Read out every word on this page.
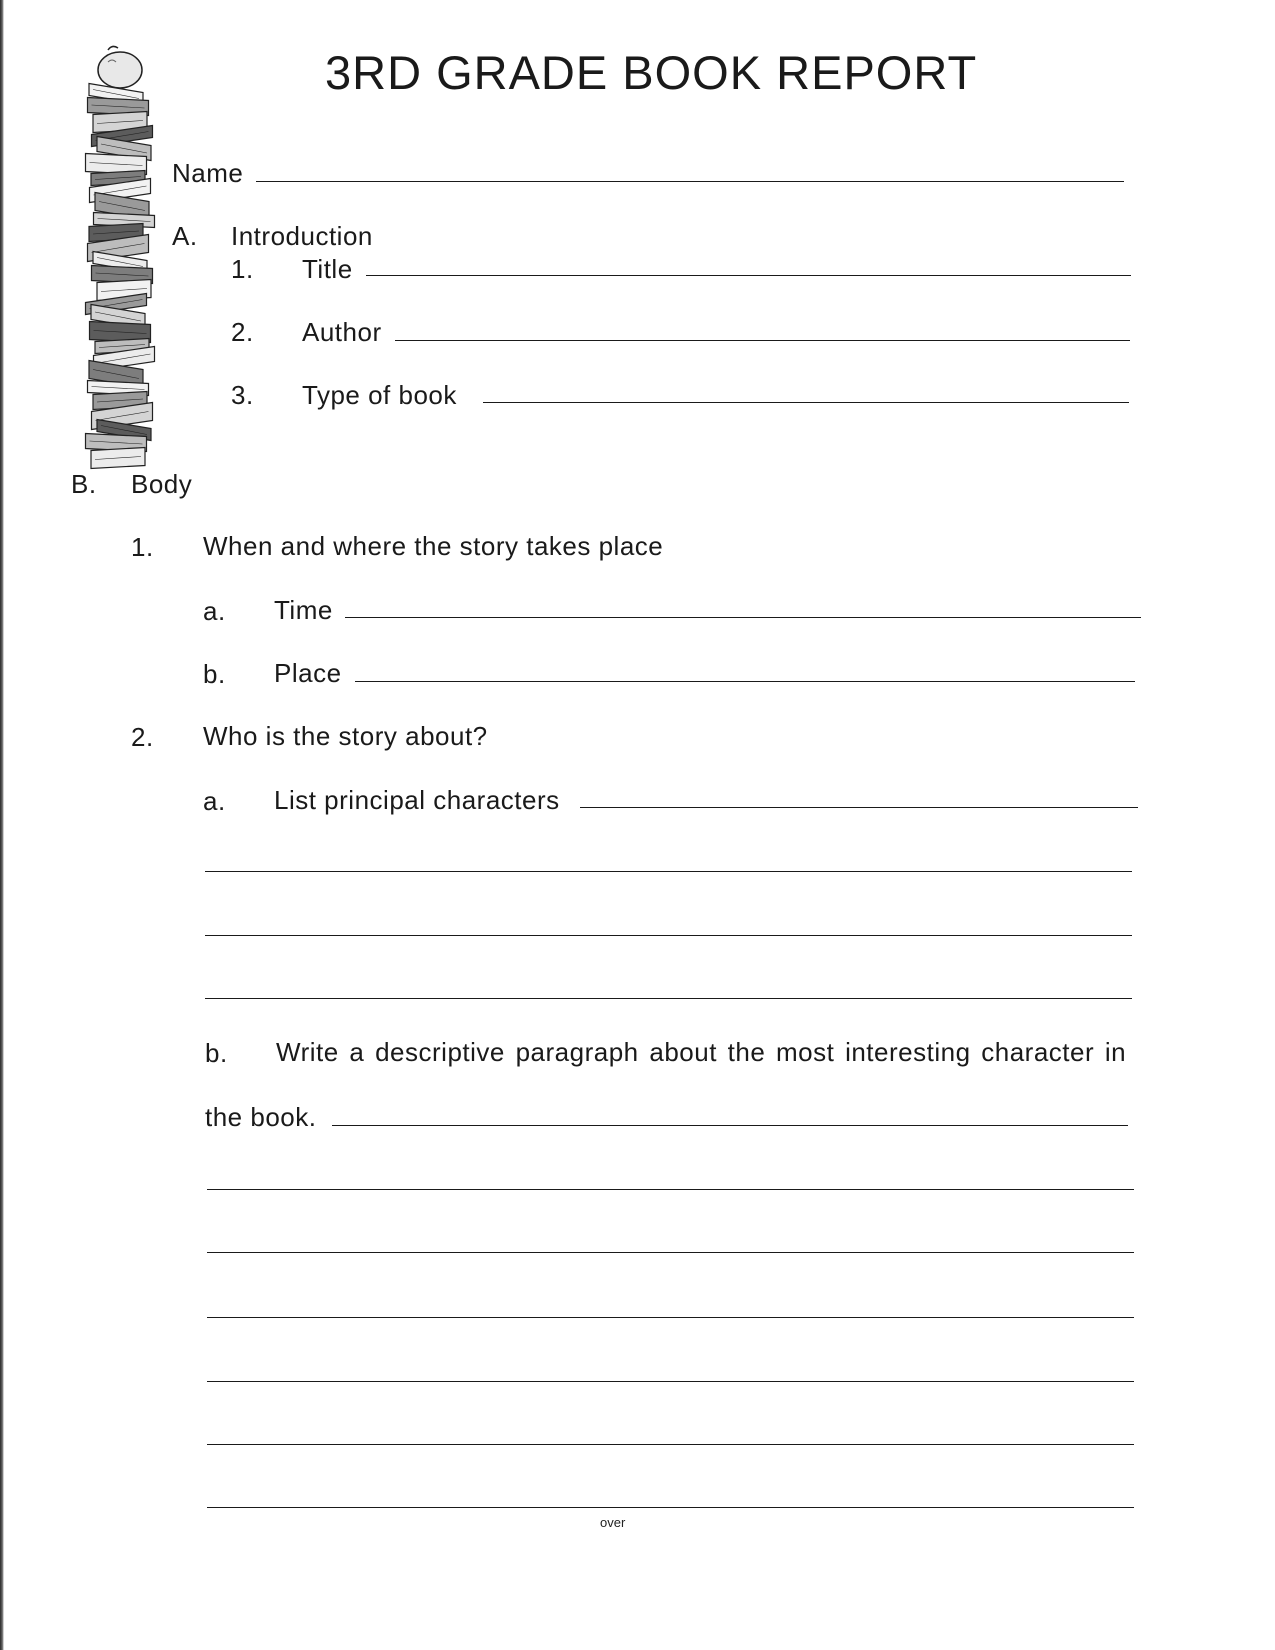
3RD GRADE BOOK REPORT
Name
A. Introduction
1. Title
2. Author
3. Type of book
B. Body
1. When and where the story takes place
a. Time
b. Place
2. Who is the story about?
a. List principal characters
b. Write a descriptive paragraph about the most interesting character in
the book.
over
